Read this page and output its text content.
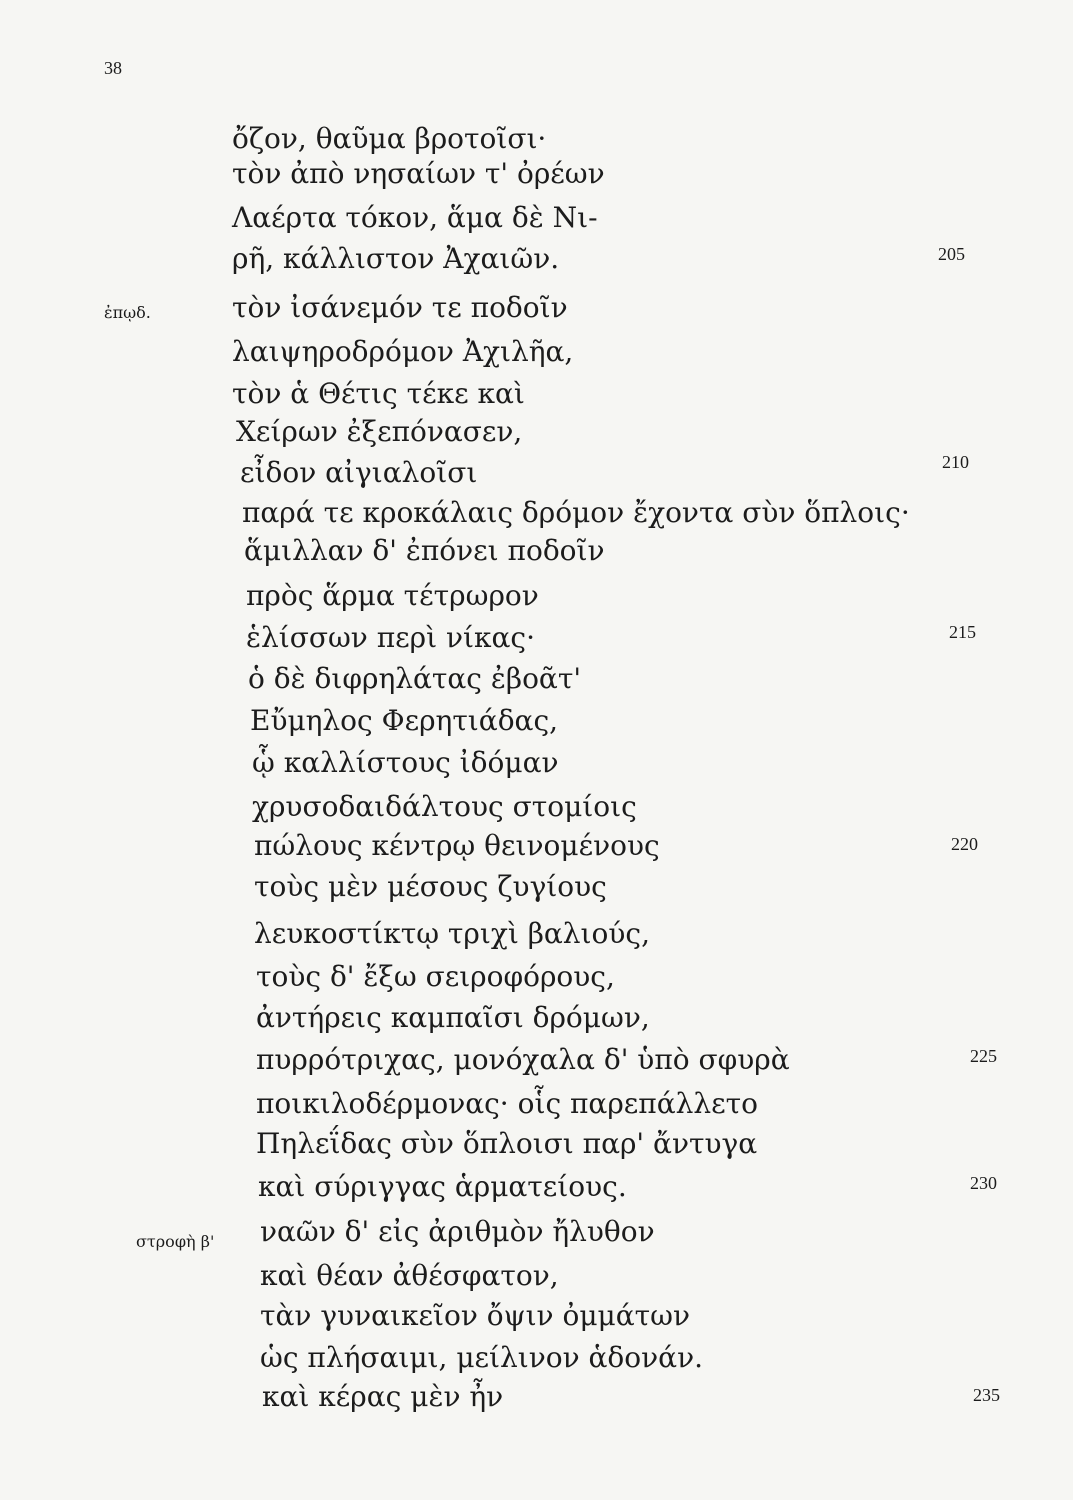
38
ἐπῳδ.
στροφὴ β'
ὄζον, θαῦμα βροτοῖσι·
τὸν ἀπὸ νησαίων τ' ὀρέων
Λαέρτα τόκον, ἅμα δὲ Νι-
ρῆ, κάλλιστον Ἀχαιῶν.
τὸν ἰσάνεμόν τε ποδοῖν
λαιψηροδρόμον Ἀχιλῆα,
τὸν ἁ Θέτις τέκε καὶ
Χείρων ἐξεπόνασεν,
εἶδον αἰγιαλοῖσι
παρά τε κροκάλαις δρόμον ἔχοντα σὺν ὅπλοις·
ἅμιλλαν δ' ἐπόνει ποδοῖν
πρὸς ἅρμα τέτρωρον
ἑλίσσων περὶ νίκας·
ὁ δὲ διφρηλάτας ἐβοᾶτ'
Εὔμηλος Φερητιάδας,
ᾧ καλλίστους ἰδόμαν
χρυσοδαιδάλτους στομίοις
πώλους κέντρῳ θεινομένους
τοὺς μὲν μέσους ζυγίους
λευκοστίκτῳ τριχὶ βαλιούς,
τοὺς δ' ἔξω σειροφόρους,
ἀντήρεις καμπαῖσι δρόμων,
πυρρότριχας, μονόχαλα δ' ὑπὸ σφυρὰ
ποικιλοδέρμονας· οἷς παρεπάλλετο
Πηλεΐδας σὺν ὅπλοισι παρ' ἄντυγα
καὶ σύριγγας ἁρματείους.
ναῶν δ' εἰς ἀριθμὸν ἤλυθον
καὶ θέαν ἀθέσφατον,
τὰν γυναικεῖον ὄψιν ὀμμάτων
ὡς πλήσαιμι, μείλινον ἁδονάν.
καὶ κέρας μὲν ἦν
205
210
215
220
225
230
235
